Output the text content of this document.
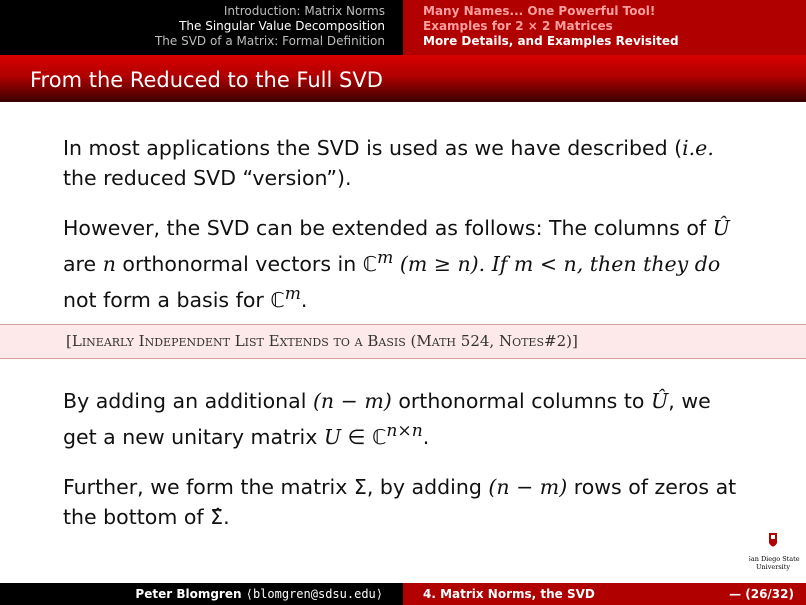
Introduction: Matrix Norms
The Singular Value Decomposition
The SVD of a Matrix: Formal Definition
Many Names... One Powerful Tool!
Examples for 2 × 2 Matrices
More Details, and Examples Revisited
From the Reduced to the Full SVD

In most applications the SVD is used as we have described (i.e.

the reduced SVD “version”).

However, the SVD can be extended as follows: The columns of Û

are n orthonormal vectors in ℂ$^m$ (m ≥ n). If m < n, then they do

not form a basis for ℂ$^m$.

[Linearly Independent List Extends to a Basis (Math 524, Notes#2)]

By adding an additional (n − m) orthonormal columns to Û, we

get a new unitary matrix U ∈ ℂ$^{n\times n}$.

Further, we form the matrix Σ, by adding (n − m) rows of zeros at

the bottom of Σ̂.

San Diego State
University
Peter Blomgren ⟨blomgren@sdsu.edu⟩	4. Matrix Norms, the SVD	— (26/32)
